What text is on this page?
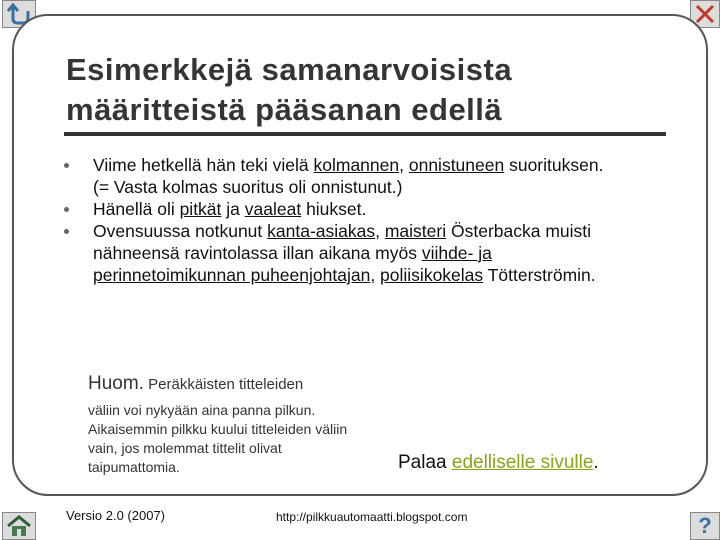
Esimerkkejä samanarvoisista
määritteistä pääsanan edellä
Viime hetkellä hän teki vielä kolmannen, onnistuneen suorituksen. (= Vasta kolmas suoritus oli onnistunut.)
Hänellä oli pitkät ja vaaleat hiukset.
Ovensuussa notkunut kanta-asiakas, maisteri Österbacka muisti nähneensä ravintolassa illan aikana myös viihde- ja perinnetoimikunnan puheenjohtajan, poliisikokelas Tötterströmin.
Huom. Peräkkäisten titteleiden
väliin voi nykyään aina panna pilkun. Aikaisemmin pilkku kuului titteleiden väliin vain, jos molemmat tittelit olivat taipumattomia.	Palaa edelliselle sivulle.
Versio 2.0 (2007)	http://pilkkuautomaatti.blogspot.com	?
